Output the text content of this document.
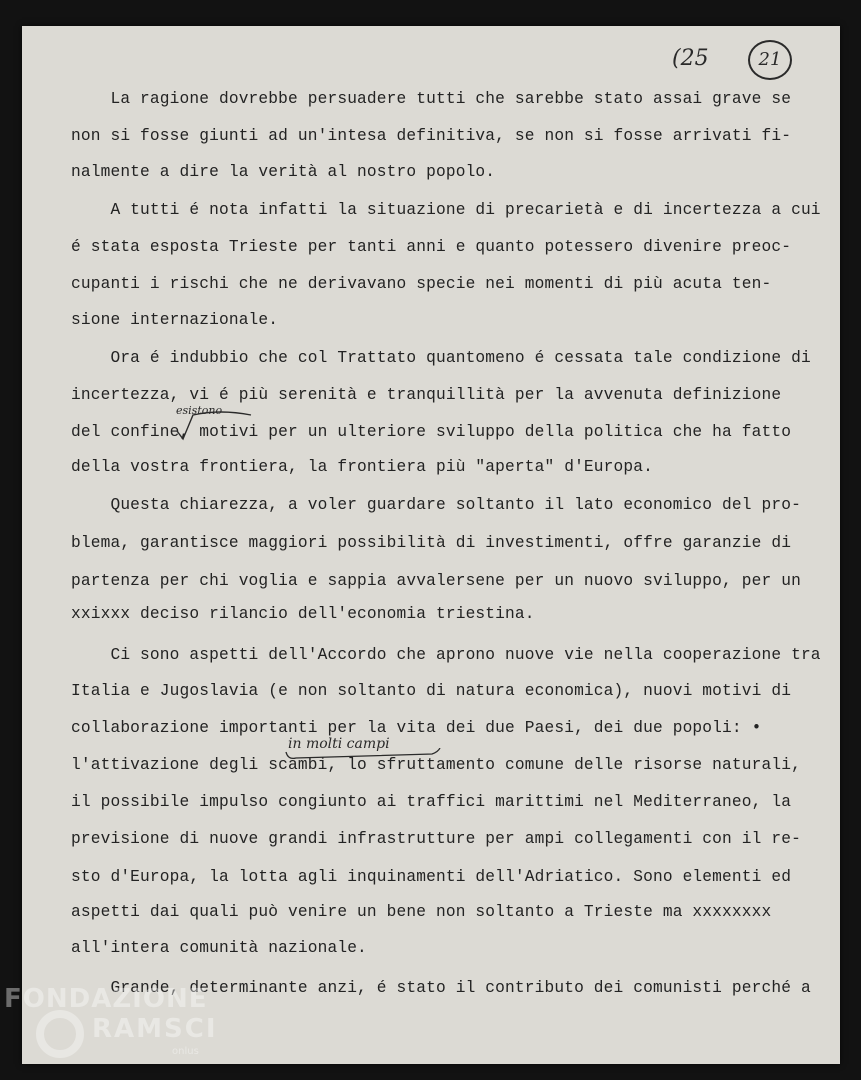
(25	21
La ragione dovrebbe persuadere tutti che sarebbe stato assai grave se
non si fosse giunti ad un'intesa definitiva, se non si fosse arrivati fi-
nalmente a dire la verità al nostro popolo.
A tutti é nota infatti la situazione di precarietà e di incertezza a cui
é stata esposta Trieste per tanti anni e quanto potessero divenire preoc-
cupanti i rischi che ne derivavano specie nei momenti di più acuta ten-
sione internazionale.
Ora é indubbio che col Trattato quantomeno é cessata tale condizione di
incertezza, vi é più serenità e tranquillità per la avvenuta definizione
del confine, motivi per un ulteriore sviluppo della politica che ha fatto
della vostra frontiera, la frontiera più "aperta" d'Europa.
Questa chiarezza, a voler guardare soltanto il lato economico del pro-
blema, garantisce maggiori possibilità di investimenti, offre garanzie di
partenza per chi voglia e sappia avvalersene per un nuovo sviluppo, per un
xxixxx deciso rilancio dell'economia triestina.
Ci sono aspetti dell'Accordo che aprono nuove vie nella cooperazione tra
Italia e Jugoslavia (e non soltanto di natura economica), nuovi motivi di
collaborazione importanti per la vita dei due Paesi, dei due popoli: •
l'attivazione degli scambi, lo sfruttamento comune delle risorse naturali,
il possibile impulso congiunto ai traffici marittimi nel Mediterraneo, la
previsione di nuove grandi infrastrutture per ampi collegamenti con il re-
sto d'Europa, la lotta agli inquinamenti dell'Adriatico. Sono elementi ed
aspetti dai quali può venire un bene non soltanto a Trieste ma xxxxxxxx
all'intera comunità nazionale.
Grande, determinante anzi, é stato il contributo dei comunisti perché a
esistono
in molti campi
FONDAZIONE
RAMSCI
onlus
